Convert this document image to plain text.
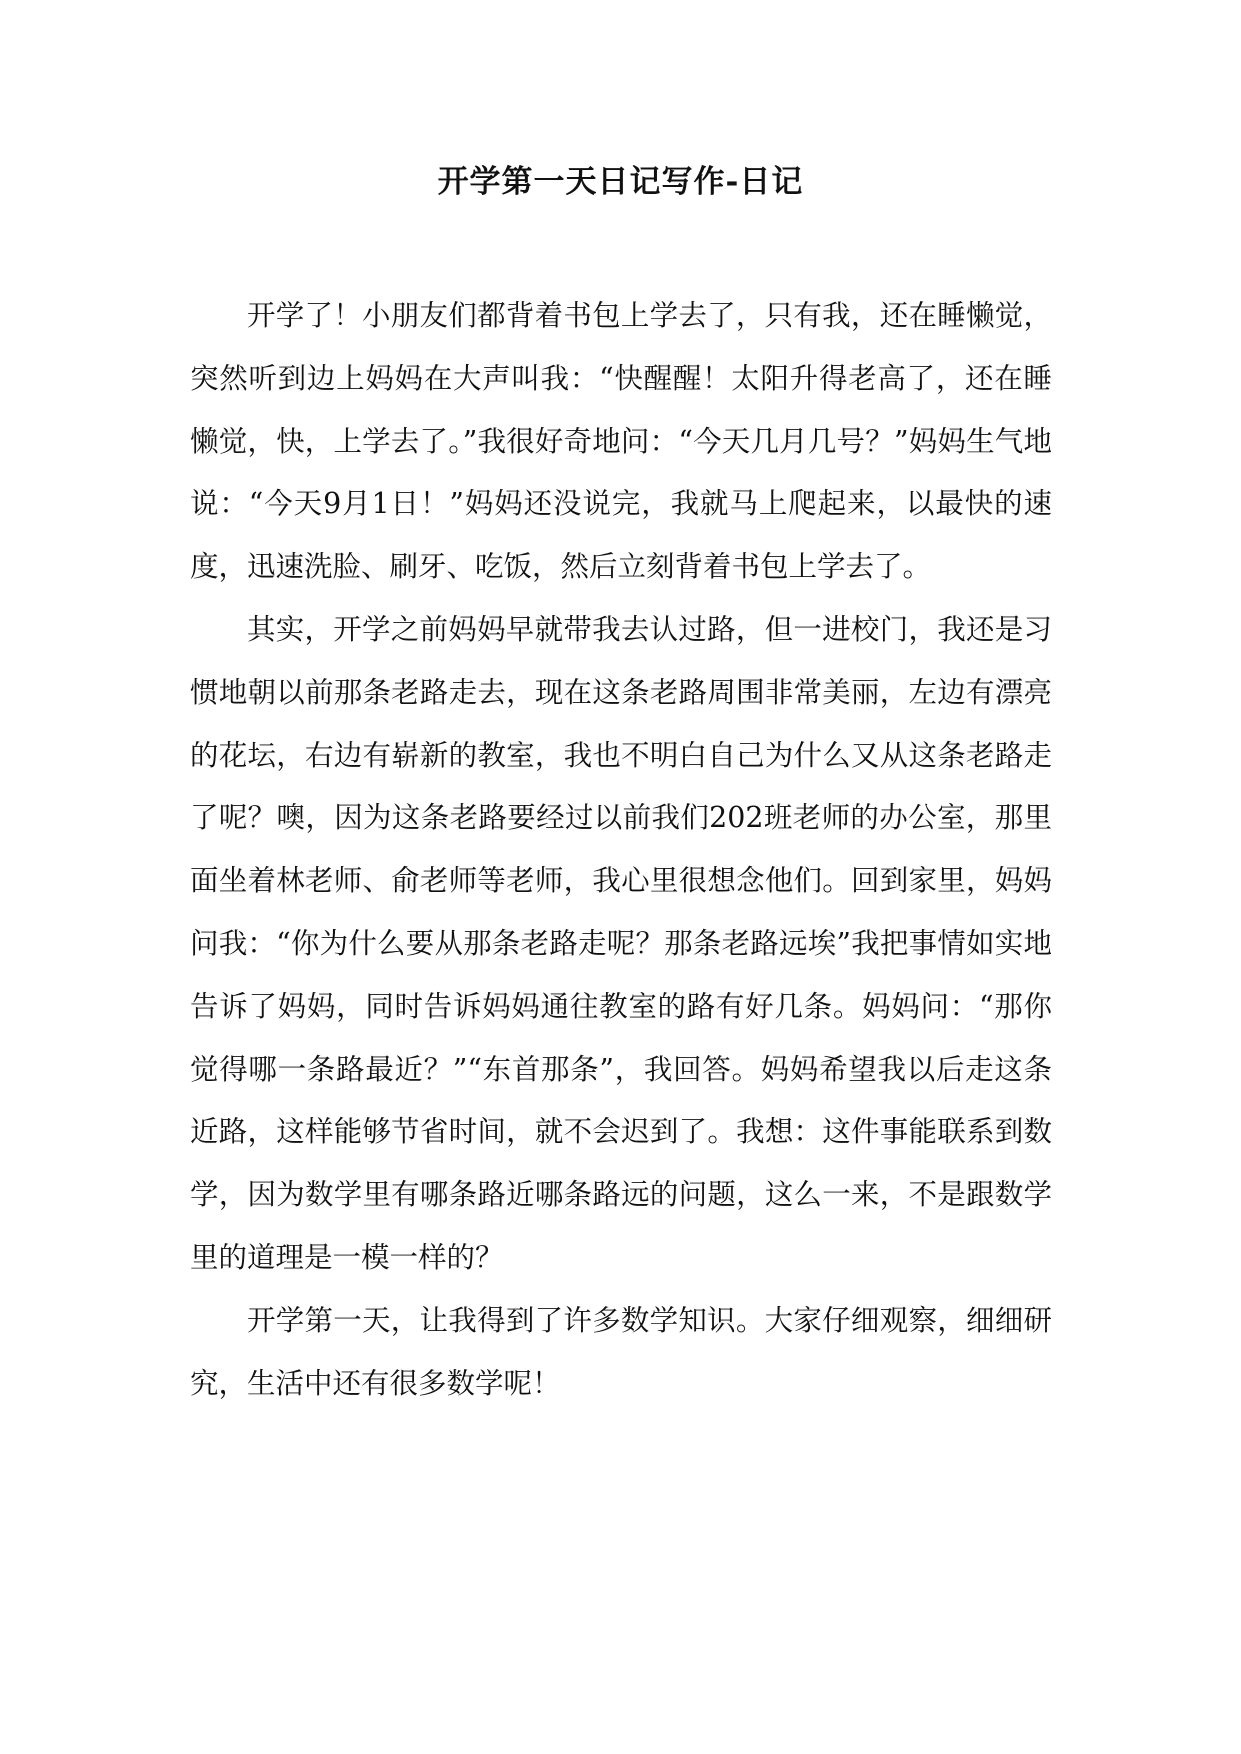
开学第一天日记写作-日记

开学了！小朋友们都背着书包上学去了，只有我，还在睡懒觉，突然听到边上妈妈在大声叫我：“快醒醒！太阳升得老高了，还在睡懒觉，快，上学去了。”我很好奇地问：“今天几月几号？”妈妈生气地说：“今天9月1日！”妈妈还没说完，我就马上爬起来，以最快的速度，迅速洗脸、刷牙、吃饭，然后立刻背着书包上学去了。

其实，开学之前妈妈早就带我去认过路，但一进校门，我还是习惯地朝以前那条老路走去，现在这条老路周围非常美丽，左边有漂亮的花坛，右边有崭新的教室，我也不明白自己为什么又从这条老路走了呢？噢，因为这条老路要经过以前我们202班老师的办公室，那里面坐着林老师、俞老师等老师，我心里很想念他们。回到家里，妈妈问我：“你为什么要从那条老路走呢？那条老路远埃”我把事情如实地告诉了妈妈，同时告诉妈妈通往教室的路有好几条。妈妈问：“那你觉得哪一条路最近？”“东首那条”，我回答。妈妈希望我以后走这条近路，这样能够节省时间，就不会迟到了。我想：这件事能联系到数学，因为数学里有哪条路近哪条路远的问题，这么一来，不是跟数学里的道理是一模一样的？

开学第一天，让我得到了许多数学知识。大家仔细观察，细细研究，生活中还有很多数学呢！
